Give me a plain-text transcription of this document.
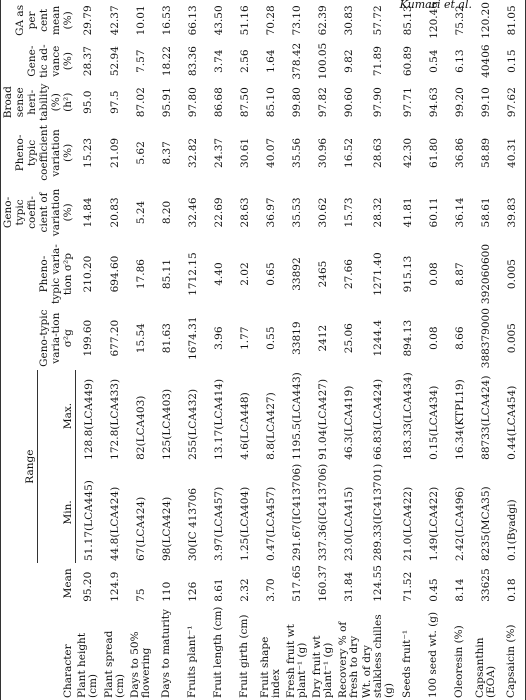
Kumari et al.
Character	Mean	Range		Geno-typic varia-tion σ²g	Pheno-typic varia-tion σ²p	Geno-typic coeffi-cient of variation (%)	Pheno-typic coefficient variation (%)	Broad sense heri-tability (%) (h²)	Gene-tic ad-vance (%)	GA as per cent mean (%)
		Min.	Max.							
Plant height (cm)	95.20	51.17(LCA445)	128.8(LCA449)	199.60	210.20	14.84	15.23	95.0	28.37	29.79
Plant spread (cm)	124.9	44.8(LCA424)	172.8(LCA433)	677.20	694.60	20.83	21.09	97.5	52.94	42.37
Days to 50% flowering	75	67(LCA424)	82(LCA403)	15.54	17.86	5.24	5.62	87.02	7.57	10.01
Days to maturity	110	98(LCA424)	125(LCA403)	81.63	85.11	8.20	8.37	95.91	18.22	16.53
Fruits plant⁻¹	126	30(IC 413706	255(LCA432)	1674.31	1712.15	32.46	32.82	97.80	83.36	66.13
Fruit length (cm)	8.61	3.97(LCA457)	13.17(LCA414)	3.96	4.40	22.69	24.37	86.68	3.74	43.50
Fruit girth (cm)	2.32	1.25(LCA404)	4.6(LCA448)	1.77	2.02	28.63	30.61	87.50	2.56	51.16
Fruit shape index	3.70	0.47(LCA457)	8.8(LCA427)	0.55	0.65	36.97	40.07	85.10	1.64	70.28
Fresh fruit wt plant⁻¹ (g)	517.65	291.67(IC413706)	1195.5(LCA443)	33819	33892	35.53	35.56	99.80	378.42	73.10
Dry fruit wt plant⁻¹ (g)	160.37	337.36(IC413706)	91.04(LCA427)	2412	2465	30.62	30.96	97.82	100.05	62.39
Recovery % of fresh to dry	31.84	23.0(LCA415)	46.3(LCA419)	25.06	27.66	15.73	16.52	90.60	9.82	30.83
Wt. of dry stalkless chilles (g)	124.55	289.33(IC413701)	66.83(LCA424)	1244.4	1271.40	28.32	28.63	97.90	71.89	57.72
Seeds fruit⁻¹	71.52	21.0(LCA422)	183.33(LCA434)	894.13	915.13	41.81	42.30	97.71	60.89	85.13
100 seed wt. (g)	0.45	1.49(LCA422)	0.15(LCA434)	0.08	0.08	60.11	61.80	94.63	0.54	120.46
Oleoresin (%)	8.14	2.42(LCA496)	16.34(KTPL19)	8.66	8.87	36.14	36.86	99.20	6.13	75.32
Capsanthin (EOA)	33625	8235(MCA35)	88733(LCA424)	388379000	392060600	58.61	58.89	99.10	40406	120.20
Capsaicin (%)	0.18	0.1(Byadgi)	0.44(LCA454)	0.005	0.005	39.83	40.31	97.62	0.15	81.05
